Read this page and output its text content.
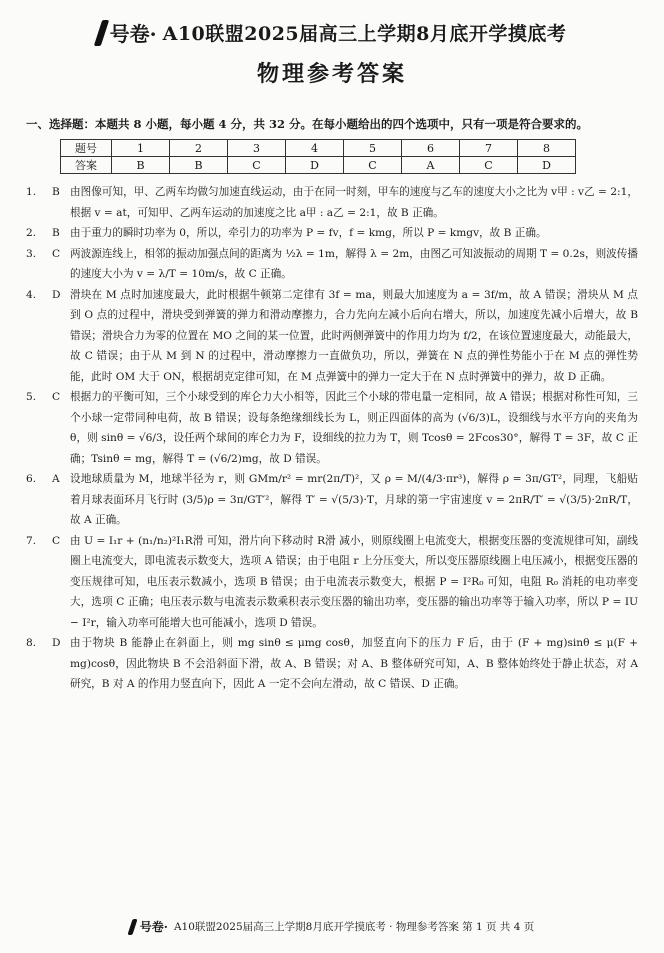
号卷· A10联盟2025届高三上学期8月底开学摸底考
物理参考答案
一、选择题：本题共 8 小题，每小题 4 分，共 32 分。在每小题给出的四个选项中，只有一项是符合要求的。
题号	1	2	3	4	5	6	7	8
答案	B	B	C	D	C	A	C	D
1.	B 由图像可知，甲、乙两车均做匀加速直线运动，由于在同一时刻，甲车的速度与乙车的速度大小之比为 v甲 : v乙 = 2:1，根据 v = at，可知甲、乙两车运动的加速度之比 a甲 : a乙 = 2:1，故 B 正确。
2.	B 由于重力的瞬时功率为 0，所以，牵引力的功率为 P = fv，f = kmg，所以 P = kmgv，故 B 正确。
3.	C 两波源连线上，相邻的振动加强点间的距离为 ½λ = 1m，解得 λ = 2m，由图乙可知波振动的周期 T = 0.2s，则波传播的速度大小为 v = λ/T = 10m/s，故 C 正确。
4.	D 滑块在 M 点时加速度最大，此时根据牛顿第二定律有 3f = ma，则最大加速度为 a = 3f/m，故 A 错误；滑块从 M 点到 O 点的过程中，滑块受到弹簧的弹力和滑动摩擦力，合力先向左减小后向右增大，所以，加速度先减小后增大，故 B 错误；滑块合力为零的位置在 MO 之间的某一位置，此时两侧弹簧中的作用力均为 f/2，在该位置速度最大，动能最大，故 C 错误；由于从 M 到 N 的过程中，滑动摩擦力一直做负功，所以，弹簧在 N 点的弹性势能小于在 M 点的弹性势能，此时 OM 大于 ON，根据胡克定律可知，在 M 点弹簧中的弹力一定大于在 N 点时弹簧中的弹力，故 D 正确。
5.	C 根据力的平衡可知，三个小球受到的库仑力大小相等，因此三个小球的带电量一定相同，故 A 错误；根据对称性可知，三个小球一定带同种电荷，故 B 错误；设每条绝缘细线长为 L，则正四面体的高为 (√6/3)L，设细线与水平方向的夹角为 θ，则 sinθ = √6/3，设任两个球间的库仑力为 F，设细线的拉力为 T，则 Tcosθ = 2Fcos30°，解得 T = 3F，故 C 正确；Tsinθ = mg，解得 T = (√6/2)mg，故 D 错误。
6.	A 设地球质量为 M，地球半径为 r，则 GMm/r² = mr(2π/T)²，又 ρ = M/(4/3·πr³)，解得 ρ = 3π/GT²，同理，飞船贴着月球表面环月飞行时 (3/5)ρ = 3π/GT′²，解得 T′ = √(5/3)·T，月球的第一宇宙速度 v = 2πR/T′ = √(3/5)·2πR/T，故 A 正确。
7.	C 由 U = I₁r + (n₁/n₂)²I₁R滑 可知，滑片向下移动时 R滑 减小，则原线圈上电流变大，根据变压器的变流规律可知，副线圈上电流变大，即电流表示数变大，选项 A 错误；由于电阻 r 上分压变大，所以变压器原线圈上电压减小，根据变压器的变压规律可知，电压表示数减小，选项 B 错误；由于电流表示数变大，根据 P = I²R₀ 可知，电阻 R₀ 消耗的电功率变大，选项 C 正确；电压表示数与电流表示数乘积表示变压器的输出功率，变压器的输出功率等于输入功率，所以 P = IU − I²r，输入功率可能增大也可能减小，选项 D 错误。
8.	D 由于物块 B 能静止在斜面上，则 mg sinθ ≤ μmg cosθ，加竖直向下的压力 F 后，由于 (F + mg)sinθ ≤ μ(F + mg)cosθ，因此物块 B 不会沿斜面下滑，故 A、B 错误；对 A、B 整体研究可知，A、B 整体始终处于静止状态，对 A 研究，B 对 A 的作用力竖直向下，因此 A 一定不会向左滑动，故 C 错误、D 正确。
号卷· A10联盟2025届高三上学期8月底开学摸底考 · 物理参考答案 第 1 页 共 4 页
